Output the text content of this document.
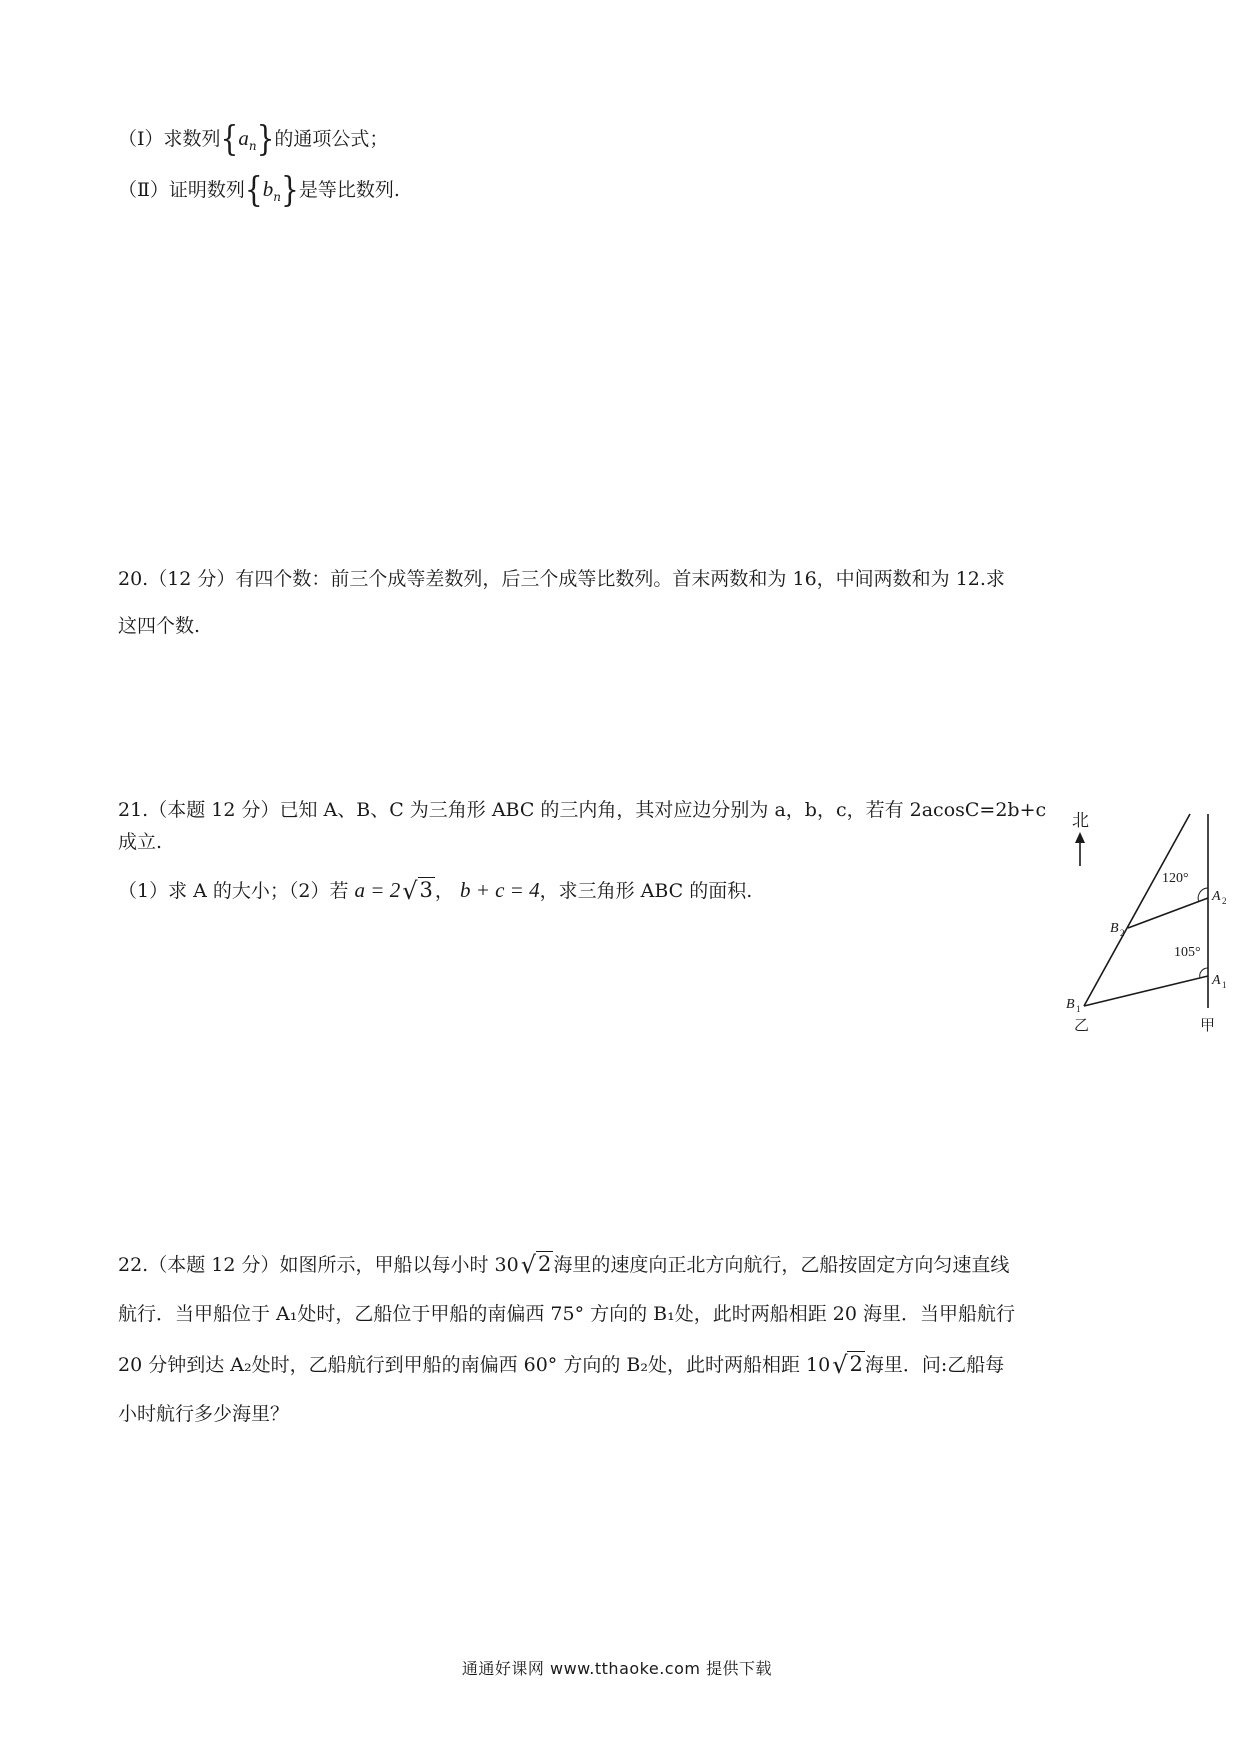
（Ⅰ）求数列$\{a_n\}$的通项公式；
（Ⅱ）证明数列$\{b_n\}$是等比数列.
20.（12 分）有四个数：前三个成等差数列，后三个成等比数列。首末两数和为 16，中间两数和为 12.求
这四个数.
21.（本题 12 分）已知 A、B、C 为三角形 ABC 的三内角，其对应边分别为 a，b，c，若有 2acosC=2b+c
成立.
（1）求 A 的大小；（2）若 a = 2√3 ， b + c = 4，求三角形 ABC 的面积.
北
120°
105°
A 2
A 1
B 2
B 1
乙	甲
22.（本题 12 分）如图所示，甲船以每小时 30√2 海里的速度向正北方向航行，乙船按固定方向匀速直线
航行．当甲船位于 A₁处时，乙船位于甲船的南偏西 75° 方向的 B₁处，此时两船相距 20 海里．当甲船航行
20 分钟到达 A₂处时，乙船航行到甲船的南偏西 60° 方向的 B₂处，此时两船相距 10√2 海里．问:乙船每
小时航行多少海里？
通通好课网 www.tthaoke.com 提供下载
